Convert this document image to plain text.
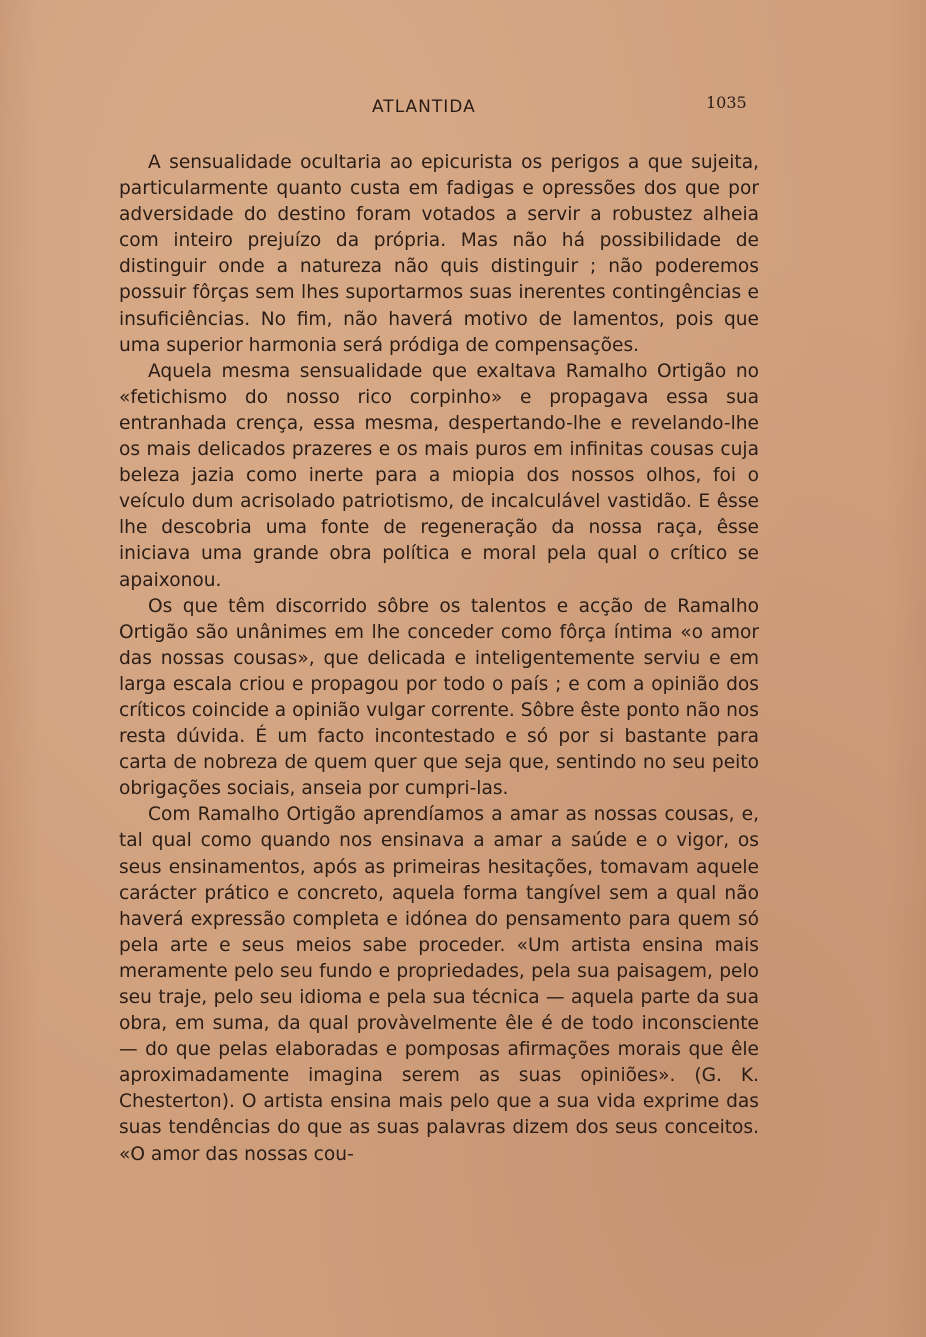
ATLANTIDA	1035

A sensualidade ocultaria ao epicurista os perigos a que sujeita, particularmente quanto custa em fadigas e opressões dos que por adversidade do destino foram votados a servir a robustez alheia com inteiro prejuízo da própria. Mas não há possibilidade de distinguir onde a natureza não quis distinguir ; não poderemos possuir fôrças sem lhes suportarmos suas inerentes contingências e insuficiências. No fim, não haverá motivo de lamentos, pois que uma superior harmonia será pródiga de compensações.

Aquela mesma sensualidade que exaltava Ramalho Ortigão no «fetichismo do nosso rico corpinho» e propagava essa sua entranhada crença, essa mesma, despertando-lhe e revelando-lhe os mais delicados prazeres e os mais puros em infinitas cousas cuja beleza jazia como inerte para a miopia dos nossos olhos, foi o veículo dum acrisolado patriotismo, de incalculável vastidão. E êsse lhe descobria uma fonte de regeneração da nossa raça, êsse iniciava uma grande obra política e moral pela qual o crítico se apaixonou.

Os que têm discorrido sôbre os talentos e acção de Ramalho Ortigão são unânimes em lhe conceder como fôrça íntima «o amor das nossas cousas», que delicada e inteligentemente serviu e em larga escala criou e propagou por todo o país ; e com a opinião dos críticos coincide a opinião vulgar corrente. Sôbre êste ponto não nos resta dúvida. É um facto incontestado e só por si bastante para carta de nobreza de quem quer que seja que, sentindo no seu peito obrigações sociais, anseia por cumpri-las.

Com Ramalho Ortigão aprendíamos a amar as nossas cousas, e, tal qual como quando nos ensinava a amar a saúde e o vigor, os seus ensinamentos, após as primeiras hesitações, tomavam aquele carácter prático e concreto, aquela forma tangível sem a qual não haverá expressão completa e idónea do pensamento para quem só pela arte e seus meios sabe proceder. «Um artista ensina mais meramente pelo seu fundo e propriedades, pela sua paisagem, pelo seu traje, pelo seu idioma e pela sua técnica — aquela parte da sua obra, em suma, da qual provàvelmente êle é de todo inconsciente — do que pelas elaboradas e pomposas afirmações morais que êle aproximadamente imagina serem as suas opiniões». (G. K. Chesterton). O artista ensina mais pelo que a sua vida exprime das suas tendências do que as suas palavras dizem dos seus conceitos. «O amor das nossas cou-
